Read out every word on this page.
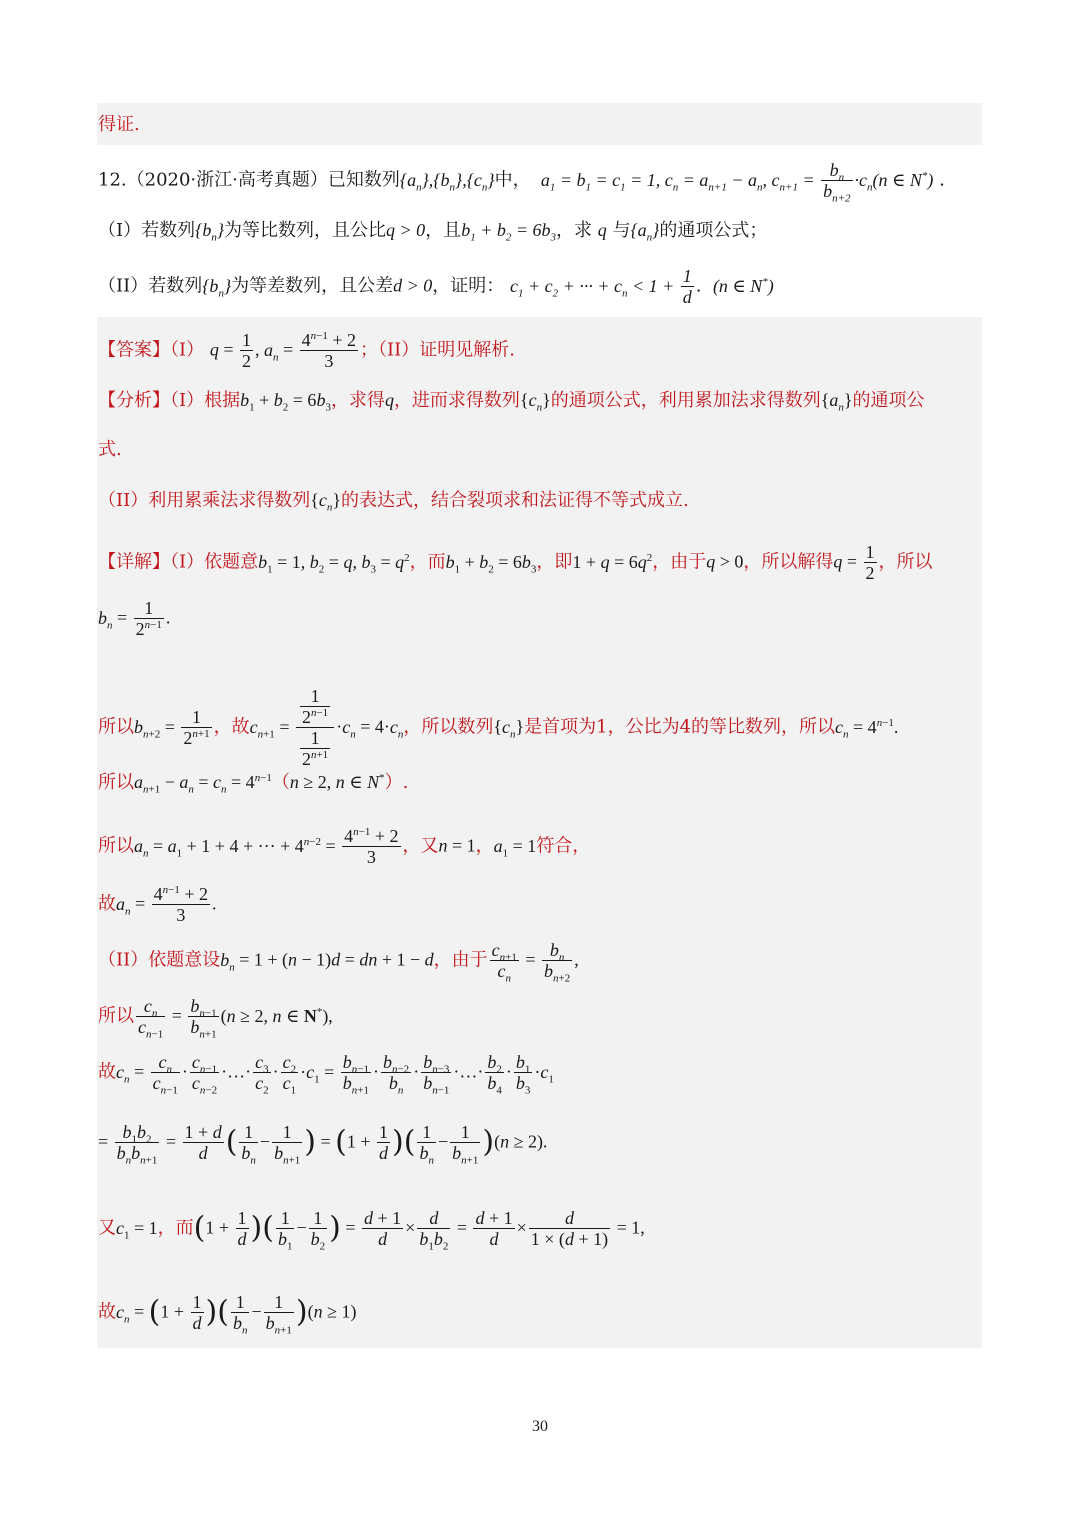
得证.
12.（2020·浙江·高考真题）已知数列$\{a_n\},\{b_n\},\{c_n\}$中，  $a_1 = b_1 = c_1 = 1$, $c_n = a_{n+1} - a_n$, $c_{n+1} = \frac{b_n}{b_{n+2}} \cdot c_n(n$ ∈ N*) .
（I）若数列$\{b_n\}$为等比数列，且公比q > 0，且$b_1 + b_2 = 6b_3$，求 q 与$\{a_n\}$的通项公式；
（II）若数列$\{b_n\}$为等差数列，且公差d > 0，证明： $c_1 + c_2$ + ··· + $c_n < 1 + \frac{1}{d}$ .  (n ∈ N*)
【答案】（I） $q = \frac{1}{2}$ , $a_n = \frac{4^{n-1} + 2}{3}$ ；（II）证明见解析.
【分析】（I）根据$b_1 + b_2 = 6b_3$，求得q，进而求得数列$\{c_n\}$的通项公式，利用累加法求得数列$\{a_n\}$的通项公
式.
（II）利用累乘法求得数列$\{c_n\}$的表达式，结合裂项求和法证得不等式成立.
【详解】（I）依题意$b_1 = 1$, $b_2 = q$, $b_3 = q^2$，而$b_1 + b_2 = 6b_3$，即$1 + q = 6q^2$，由于q > 0，所以解得$q = \frac{1}{2}$ ，所以
$b_n = \frac{1}{2^{n-1}}$ .
所以$b_{n+2} = \frac{1}{2^{n+1}}$ ，故$c_{n+1} = \frac{\frac{1}{2^{n-1}}}{\frac{1}{2^{n+1}}} \cdot c_n = 4\cdot c_n$，所以数列$\{c_n\}$是首项为1，公比为4的等比数列，所以$c_n = 4^{n-1}$.
所以$a_{n+1} - a_n = c_n = 4^{n-1}(n \ge 2$, n ∈ N*）.
所以$a_n = a_1 + 1 + 4$ + ··· + $4^{n-2} = \frac{4^{n-1} + 2}{3}$ ，又n = 1，$a_1 = 1$符合，
故$a_n = \frac{4^{n-1} + 2}{3}$ .
（II）依题意设$b_n = 1 + (n - 1)d$ = dn + 1 − d，由于 $\frac{c_{n+1}}{c_n} = \frac{b_n}{b_{n+2}}$ ,
所以 $\frac{c_n}{c_{n-1}} = \frac{b_{n-1}}{b_{n+1}} (n \ge 2$, n ∈ N*),
故$c_n = \frac{c_n}{c_{n-1}} \cdot \frac{c_{n-1}}{c_{n-2}}$ ·…· $\frac{c_3}{c_2} \cdot \frac{c_2}{c_1} \cdot c_1 = \frac{b_{n-1}}{b_{n+1}} \cdot \frac{b_{n-2}}{b_n} \cdot \frac{b_{n-3}}{b_{n-1}}$ ·…· $\frac{b_2}{b_4} \cdot \frac{b_1}{b_3} \cdot c_1$
= $\frac{b_1b_2}{b_nb_{n+1}} = \frac{1 + d}{d}$ ( $\frac{1}{b_n} - \frac{1}{b_{n+1}}$ ) = ($1 + \frac{1}{d}$ )( $\frac{1}{b_n} - \frac{1}{b_{n+1}} )(n \ge 2)$.
又$c_1 = 1$，而($1 + \frac{1}{d}$ )( $\frac{1}{b_1} - \frac{1}{b_2}$ ) = $\frac{d + 1}{d} \times \frac{d}{b_1b_2} = \frac{d + 1}{d} \times \frac{d}{1 \times (d + 1)} = 1$,
故$c_n = (1 + \frac{1}{d}$ )( $\frac{1}{b_n} - \frac{1}{b_{n+1}} )(n \ge 1)$
30
